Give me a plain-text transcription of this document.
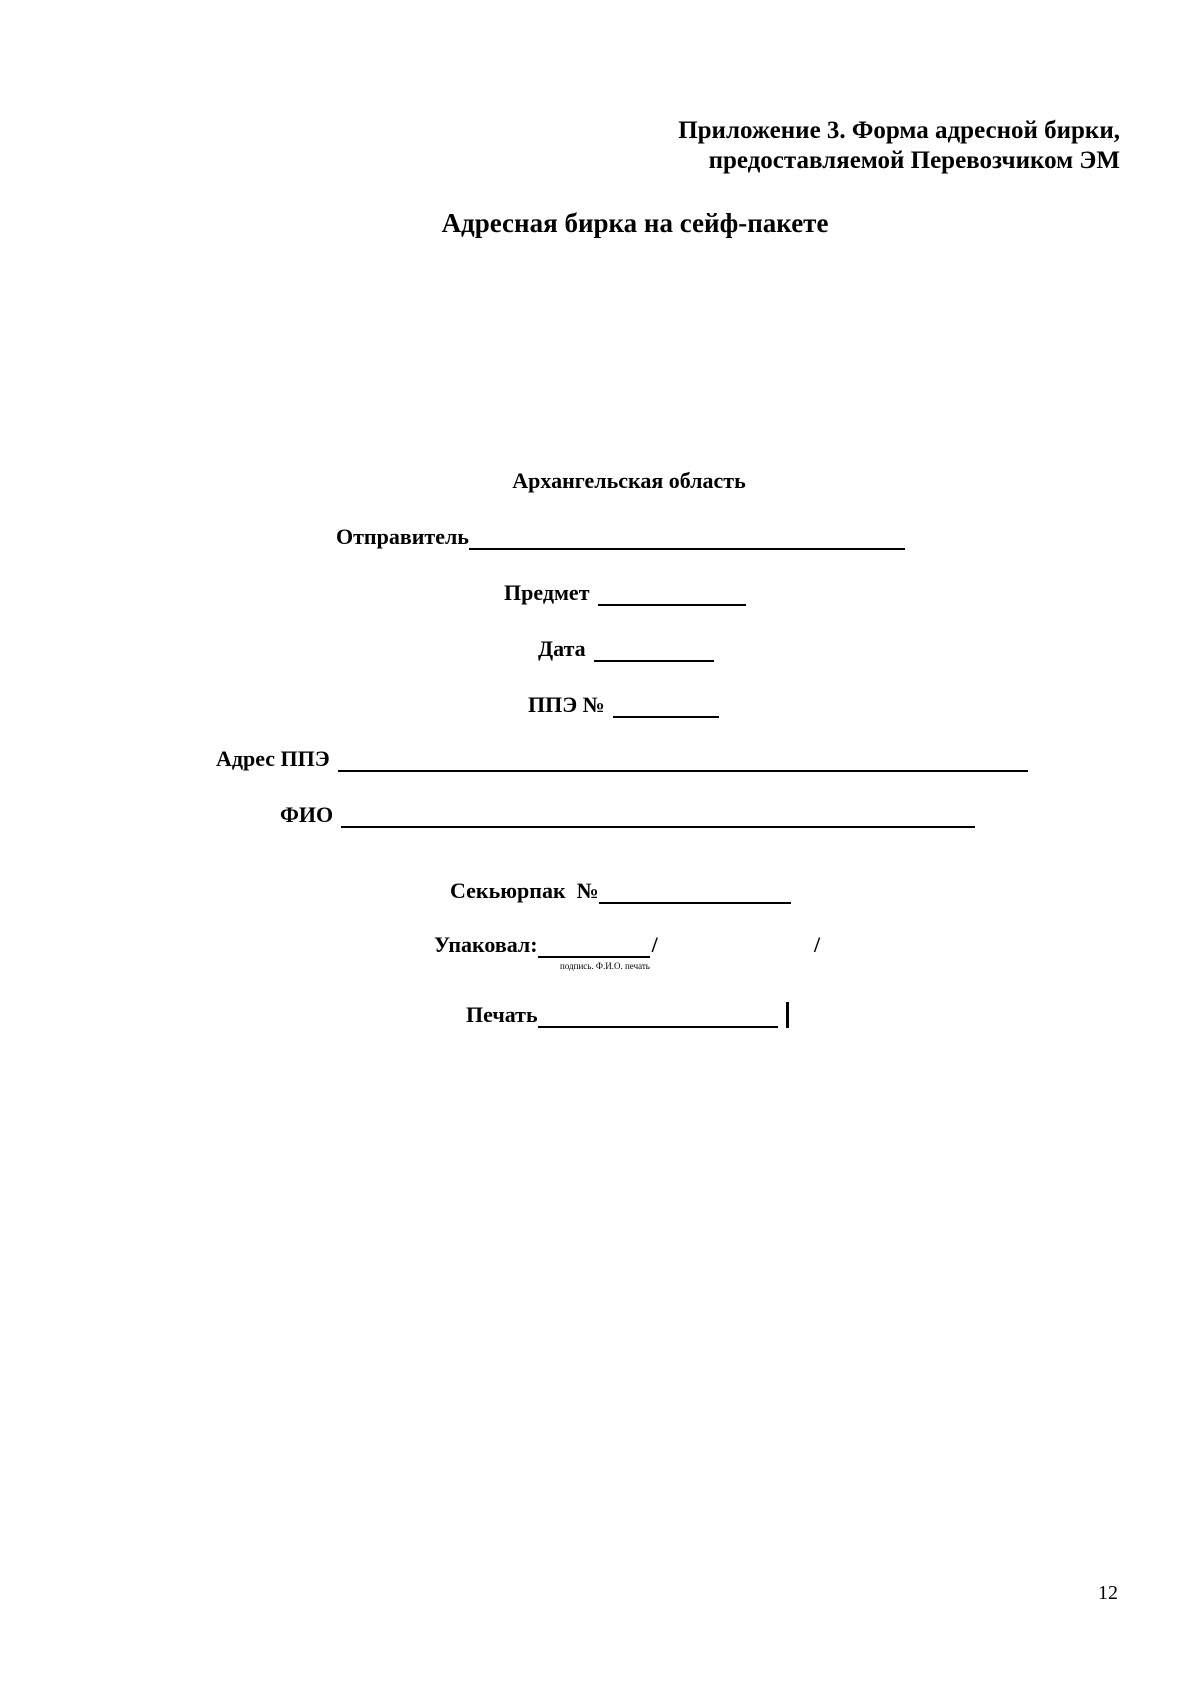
Приложение 3. Форма адресной бирки,
предоставляемой Перевозчиком ЭМ
Адресная бирка на сейф-пакете
Архангельская область
Отправитель
Предмет
Дата
ППЭ №
Адрес ППЭ
ФИО
Секьюрпак  №
Упаковал:	/	/
подпись. Ф.И.О. печать
Печать
12
